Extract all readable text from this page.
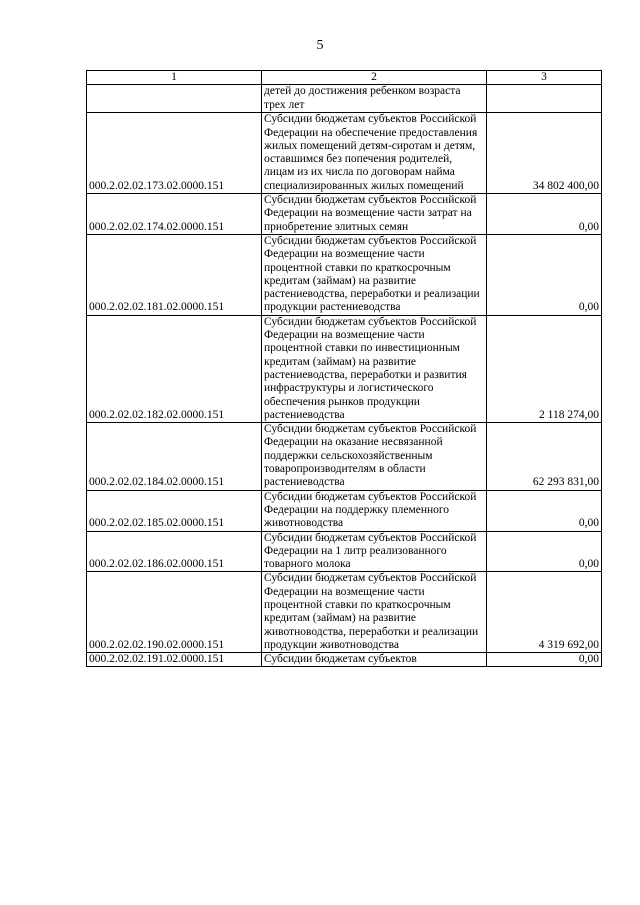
5
1	2	3
	детей до достижения ребенком возраста трех лет	
000.2.02.02.173.02.0000.151	Субсидии бюджетам субъектов Российской Федерации на обеспечение предоставления жилых помещений детям-сиротам и детям, оставшимся без попечения родителей, лицам из их числа по договорам найма специализированных жилых помещений	34 802 400,00
000.2.02.02.174.02.0000.151	Субсидии бюджетам субъектов Российской Федерации на возмещение части затрат на приобретение элитных семян	0,00
000.2.02.02.181.02.0000.151	Субсидии бюджетам субъектов Российской Федерации на возмещение части процентной ставки по краткосрочным кредитам (займам) на развитие растениеводства, переработки и реализации продукции растениеводства	0,00
000.2.02.02.182.02.0000.151	Субсидии бюджетам субъектов Российской Федерации на возмещение части процентной ставки по инвестиционным кредитам (займам) на развитие растениеводства, переработки и развития инфраструктуры и логистического обеспечения рынков продукции растениеводства	2 118 274,00
000.2.02.02.184.02.0000.151	Субсидии бюджетам субъектов Российской Федерации на оказание несвязанной поддержки сельскохозяйственным товаропроизводителям в области растениеводства	62 293 831,00
000.2.02.02.185.02.0000.151	Субсидии бюджетам субъектов Российской Федерации на поддержку племенного животноводства	0,00
000.2.02.02.186.02.0000.151	Субсидии бюджетам субъектов Российской Федерации на 1 литр реализованного товарного молока	0,00
000.2.02.02.190.02.0000.151	Субсидии бюджетам субъектов Российской Федерации на возмещение части процентной ставки по краткосрочным кредитам (займам) на развитие животноводства, переработки и реализации продукции животноводства	4 319 692,00
000.2.02.02.191.02.0000.151	Субсидии бюджетам субъектов	0,00
